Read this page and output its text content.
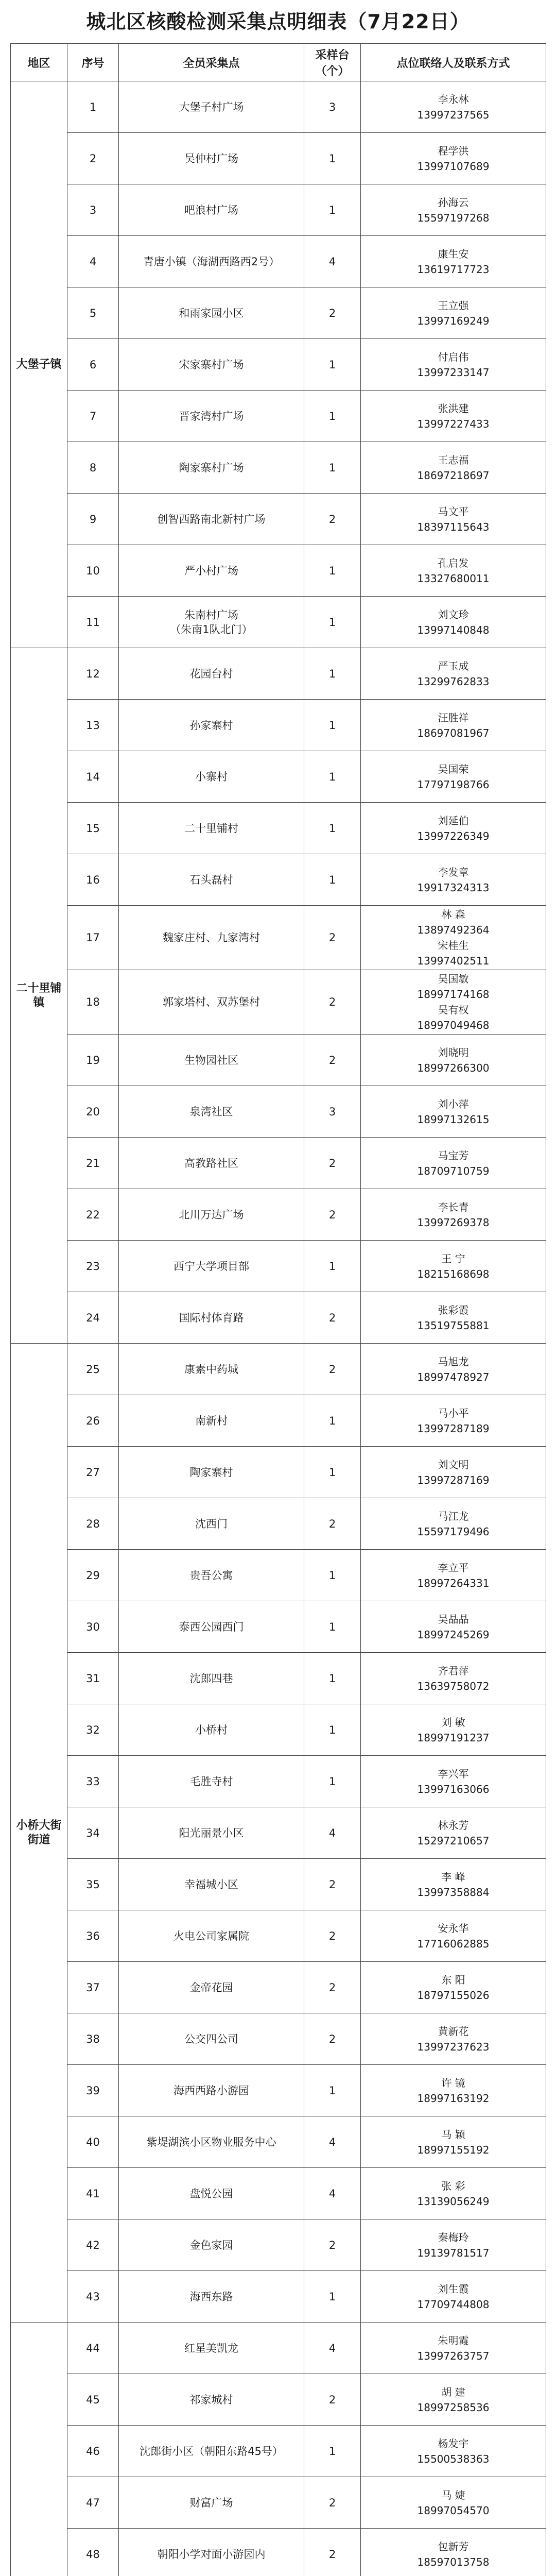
城北区核酸检测采集点明细表（7月22日）
地区	序号	全员采集点	采样台（个）	点位联络人及联系方式
大堡子镇	1	大堡子村广场	3	李永林
13997237565
	2	吴仲村广场	1	程学洪
13997107689
	3	吧浪村广场	1	孙海云
15597197268
	4	青唐小镇（海湖西路西2号）	4	康生安
13619717723
	5	和雨家园小区	2	王立强
13997169249
	6	宋家寨村广场	1	付启伟
13997233147
	7	晋家湾村广场	1	张洪建
13997227433
	8	陶家寨村广场	1	王志福
18697218697
	9	创智西路南北新村广场	2	马文平
18397115643
	10	严小村广场	1	孔启发
13327680011
	11	朱南村广场
（朱南1队北门）	1	刘文珍
13997140848
二十里铺镇	12	花园台村	1	严玉成
13299762833
	13	孙家寨村	1	汪胜祥
18697081967
	14	小寨村	1	吴国荣
17797198766
	15	二十里铺村	1	刘延伯
13997226349
	16	石头磊村	1	李发章
19917324313
	17	魏家庄村、九家湾村	2	林 森
13897492364
宋桂生
13997402511
	18	郭家塔村、双苏堡村	2	吴国敏
18997174168
吴有权
18997049468
	19	生物园社区	2	刘晓明
18997266300
	20	泉湾社区	3	刘小萍
18997132615
	21	高教路社区	2	马宝芳
18709710759
	22	北川万达广场	2	李长青
13997269378
	23	西宁大学项目部	1	王 宁
18215168698
	24	国际村体育路	2	张彩霞
13519755881
小桥大街街道	25	康素中药城	2	马旭龙
18997478927
	26	南新村	1	马小平
13997287189
	27	陶家寨村	1	刘文明
13997287169
	28	沈西门	2	马江龙
15597179496
	29	贵吾公寓	1	李立平
18997264331
	30	泰西公园西门	1	吴晶晶
18997245269
	31	沈郎四巷	1	齐君萍
13639758072
	32	小桥村	1	刘 敏
18997191237
	33	毛胜寺村	1	李兴军
13997163066
	34	阳光丽景小区	4	林永芳
15297210657
	35	幸福城小区	2	李 峰
13997358884
	36	火电公司家属院	2	安永华
17716062885
	37	金帝花园	2	东 阳
18797155026
	38	公交四公司	2	黄新花
13997237623
	39	海西西路小游园	1	许 镜
18997163192
	40	紫堤湖滨小区物业服务中心	4	马 颖
18997155192
	41	盘悦公园	4	张 彩
13139056249
	42	金色家园	2	秦梅玲
19139781517
	43	海西东路	1	刘生霞
17709744808
	44	红星美凯龙	4	朱明霞
13997263757
	45	祁家城村	2	胡 建
18997258536
	46	沈郎街小区（朝阳东路45号）	1	杨发宇
15500538363
	47	财富广场	2	马 婕
18997054570
	48	朝阳小学对面小游园内	2	包新芳
18597013758
